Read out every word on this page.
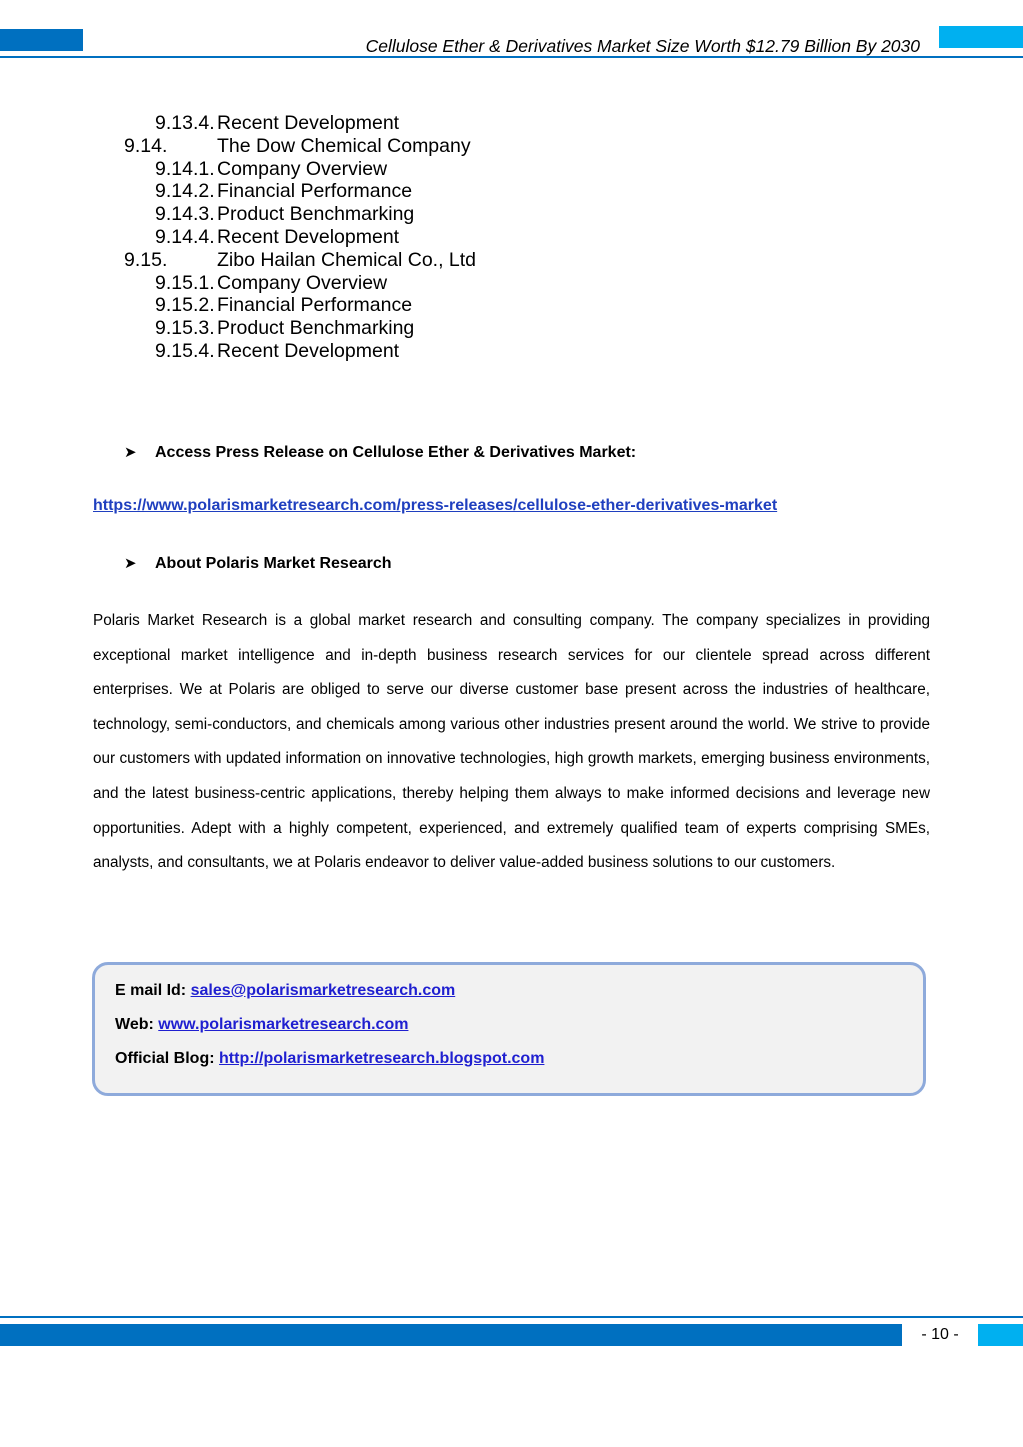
Cellulose Ether & Derivatives Market Size Worth $12.79 Billion By 2030
9.13.4. Recent Development
9.14.	The Dow Chemical Company
9.14.1. Company Overview
9.14.2. Financial Performance
9.14.3. Product Benchmarking
9.14.4. Recent Development
9.15.	Zibo Hailan Chemical Co., Ltd
9.15.1. Company Overview
9.15.2. Financial Performance
9.15.3. Product Benchmarking
9.15.4. Recent Development
➤ Access Press Release on Cellulose Ether & Derivatives Market:
https://www.polarismarketresearch.com/press-releases/cellulose-ether-derivatives-market
➤ About Polaris Market Research
Polaris Market Research is a global market research and consulting company. The company specializes in providing exceptional market intelligence and in-depth business research services for our clientele spread across different enterprises. We at Polaris are obliged to serve our diverse customer base present across the industries of healthcare, technology, semi-conductors, and chemicals among various other industries present around the world. We strive to provide our customers with updated information on innovative technologies, high growth markets, emerging business environments, and the latest business-centric applications, thereby helping them always to make informed decisions and leverage new opportunities. Adept with a highly competent, experienced, and extremely qualified team of experts comprising SMEs, analysts, and consultants, we at Polaris endeavor to deliver value-added business solutions to our customers.
E mail Id: sales@polarismarketresearch.com
Web: www.polarismarketresearch.com
Official Blog: http://polarismarketresearch.blogspot.com
- 10 -
